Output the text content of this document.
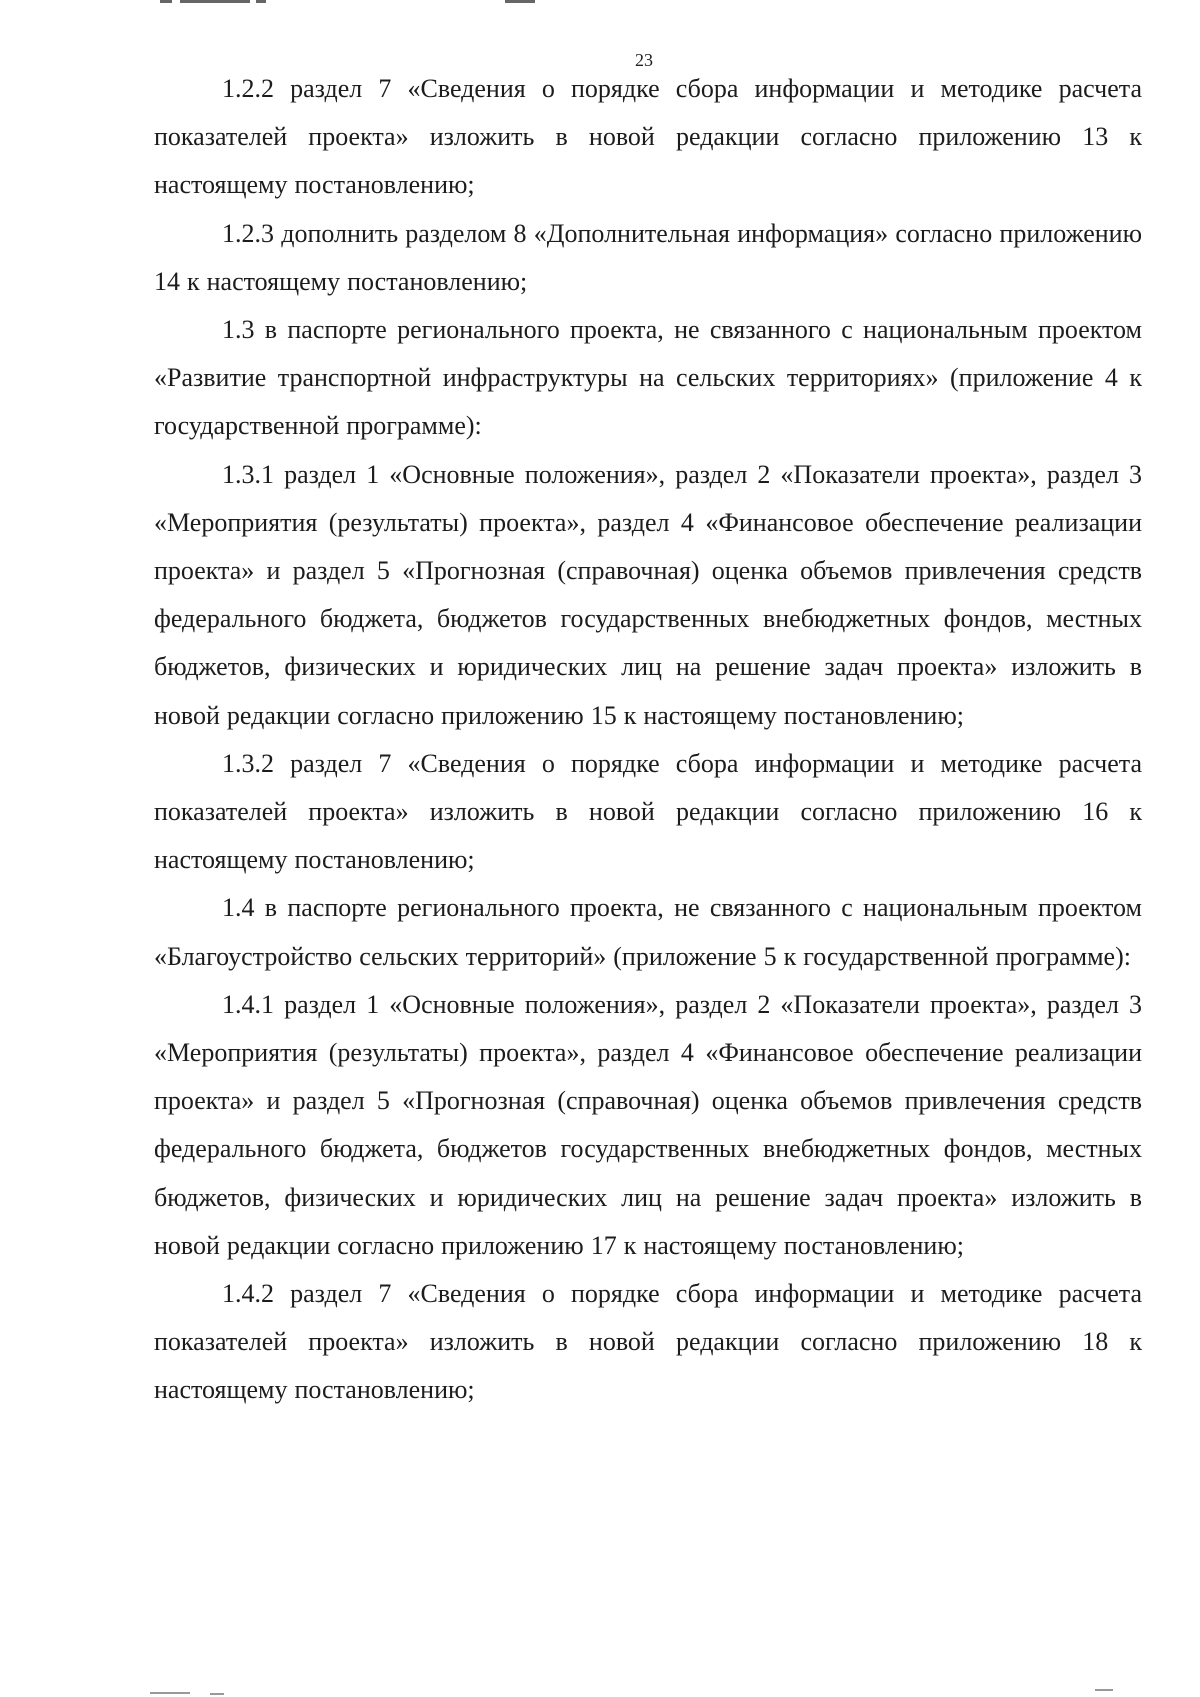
23

1.2.2 раздел 7 «Сведения о порядке сбора информации и методике расчета показателей проекта» изложить в новой редакции согласно приложению 13 к настоящему постановлению;

1.2.3 дополнить разделом 8 «Дополнительная информация» согласно приложению 14 к настоящему постановлению;

1.3 в паспорте регионального проекта, не связанного с национальным проектом «Развитие транспортной инфраструктуры на сельских территориях» (приложение 4 к государственной программе):

1.3.1 раздел 1 «Основные положения», раздел 2 «Показатели проекта», раздел 3 «Мероприятия (результаты) проекта», раздел 4 «Финансовое обеспечение реализации проекта» и раздел 5 «Прогнозная (справочная) оценка объемов привлечения средств федерального бюджета, бюджетов государственных внебюджетных фондов, местных бюджетов, физических и юридических лиц на решение задач проекта» изложить в новой редакции согласно приложению 15 к настоящему постановлению;

1.3.2 раздел 7 «Сведения о порядке сбора информации и методике расчета показателей проекта» изложить в новой редакции согласно приложению 16 к настоящему постановлению;

1.4 в паспорте регионального проекта, не связанного с национальным проектом «Благоустройство сельских территорий» (приложение 5 к государственной программе):

1.4.1 раздел 1 «Основные положения», раздел 2 «Показатели проекта», раздел 3 «Мероприятия (результаты) проекта», раздел 4 «Финансовое обеспечение реализации проекта» и раздел 5 «Прогнозная (справочная) оценка объемов привлечения средств федерального бюджета, бюджетов государственных внебюджетных фондов, местных бюджетов, физических и юридических лиц на решение задач проекта» изложить в новой редакции согласно приложению 17 к настоящему постановлению;

1.4.2 раздел 7 «Сведения о порядке сбора информации и методике расчета показателей проекта» изложить в новой редакции согласно приложению 18 к настоящему постановлению;
